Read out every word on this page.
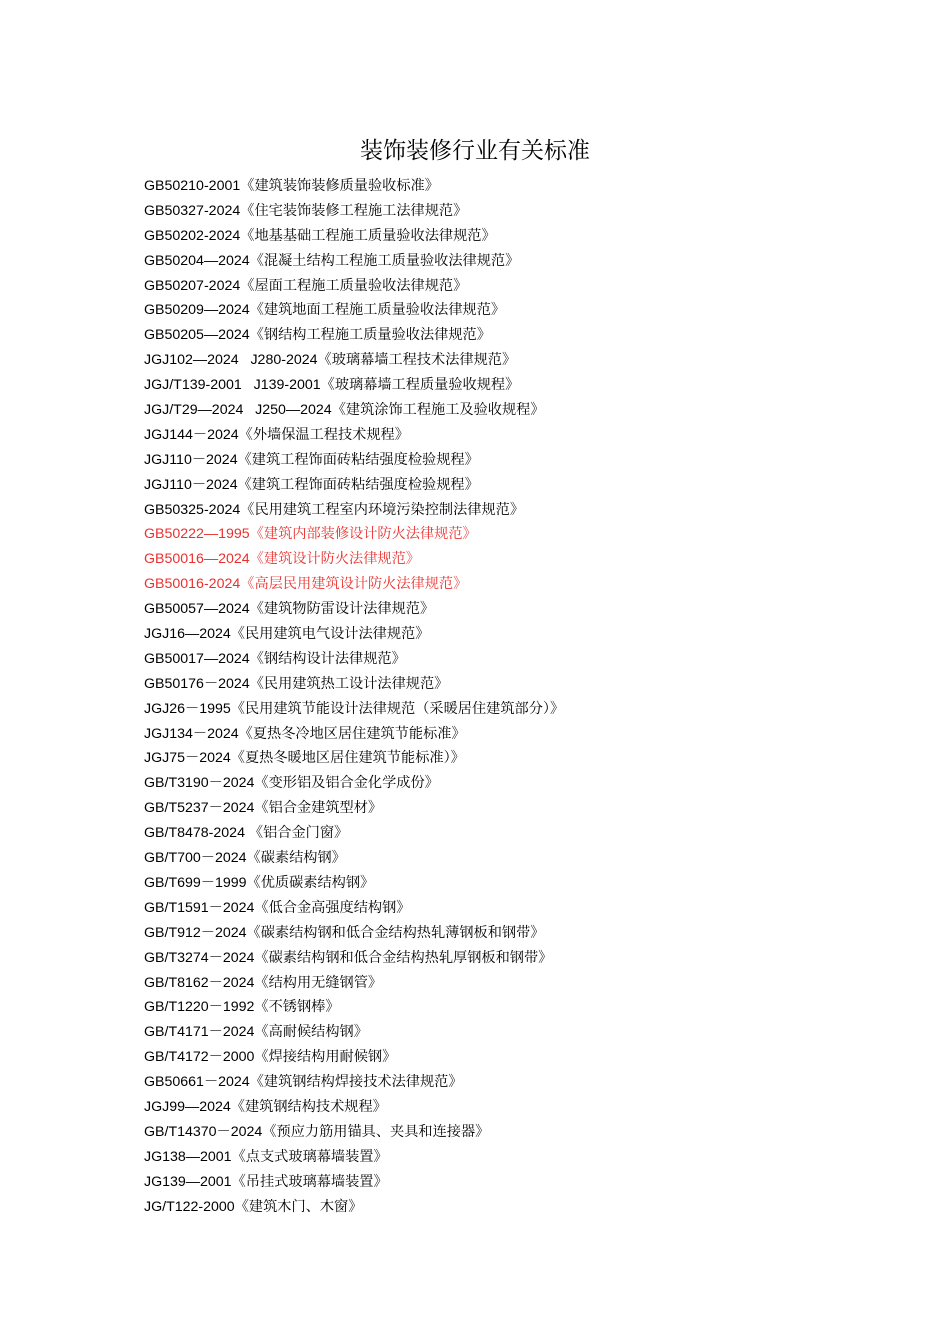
装饰装修行业有关标准
GB50210-2001《建筑装饰装修质量验收标准》
GB50327-2024《住宅装饰装修工程施工法律规范》
GB50202-2024《地基基础工程施工质量验收法律规范》
GB50204—2024《混凝土结构工程施工质量验收法律规范》
GB50207-2024《屋面工程施工质量验收法律规范》
GB50209—2024《建筑地面工程施工质量验收法律规范》
GB50205—2024《钢结构工程施工质量验收法律规范》
JGJ102—2024   J280-2024《玻璃幕墙工程技术法律规范》
JGJ/T139-2001   J139-2001《玻璃幕墙工程质量验收规程》
JGJ/T29—2024   J250—2024《建筑涂饰工程施工及验收规程》
JGJ144－2024《外墙保温工程技术规程》
JGJ110－2024《建筑工程饰面砖粘结强度检验规程》
JGJ110－2024《建筑工程饰面砖粘结强度检验规程》
GB50325-2024《民用建筑工程室内环境污染控制法律规范》
GB50222—1995《建筑内部装修设计防火法律规范》
GB50016—2024《建筑设计防火法律规范》
GB50016-2024《高层民用建筑设计防火法律规范》
GB50057—2024《建筑物防雷设计法律规范》
JGJ16—2024《民用建筑电气设计法律规范》
GB50017—2024《钢结构设计法律规范》
GB50176－2024《民用建筑热工设计法律规范》
JGJ26－1995《民用建筑节能设计法律规范（采暖居住建筑部分）》
JGJ134－2024《夏热冬冷地区居住建筑节能标准》
JGJ75－2024《夏热冬暖地区居住建筑节能标准）》
GB/T3190－2024《变形铝及铝合金化学成份》
GB/T5237－2024《铝合金建筑型材》
GB/T8478-2024 《铝合金门窗》
GB/T700－2024《碳素结构钢》
GB/T699－1999《优质碳素结构钢》
GB/T1591－2024《低合金高强度结构钢》
GB/T912－2024《碳素结构钢和低合金结构热轧薄钢板和钢带》
GB/T3274－2024《碳素结构钢和低合金结构热轧厚钢板和钢带》
GB/T8162－2024《结构用无缝钢管》
GB/T1220－1992《不锈钢棒》
GB/T4171－2024《高耐候结构钢》
GB/T4172－2000《焊接结构用耐候钢》
GB50661－2024《建筑钢结构焊接技术法律规范》
JGJ99—2024《建筑钢结构技术规程》
GB/T14370－2024《预应力筋用锚具、夹具和连接器》
JG138—2001《点支式玻璃幕墙装置》
JG139—2001《吊挂式玻璃幕墙装置》
JG/T122-2000《建筑木门、木窗》
